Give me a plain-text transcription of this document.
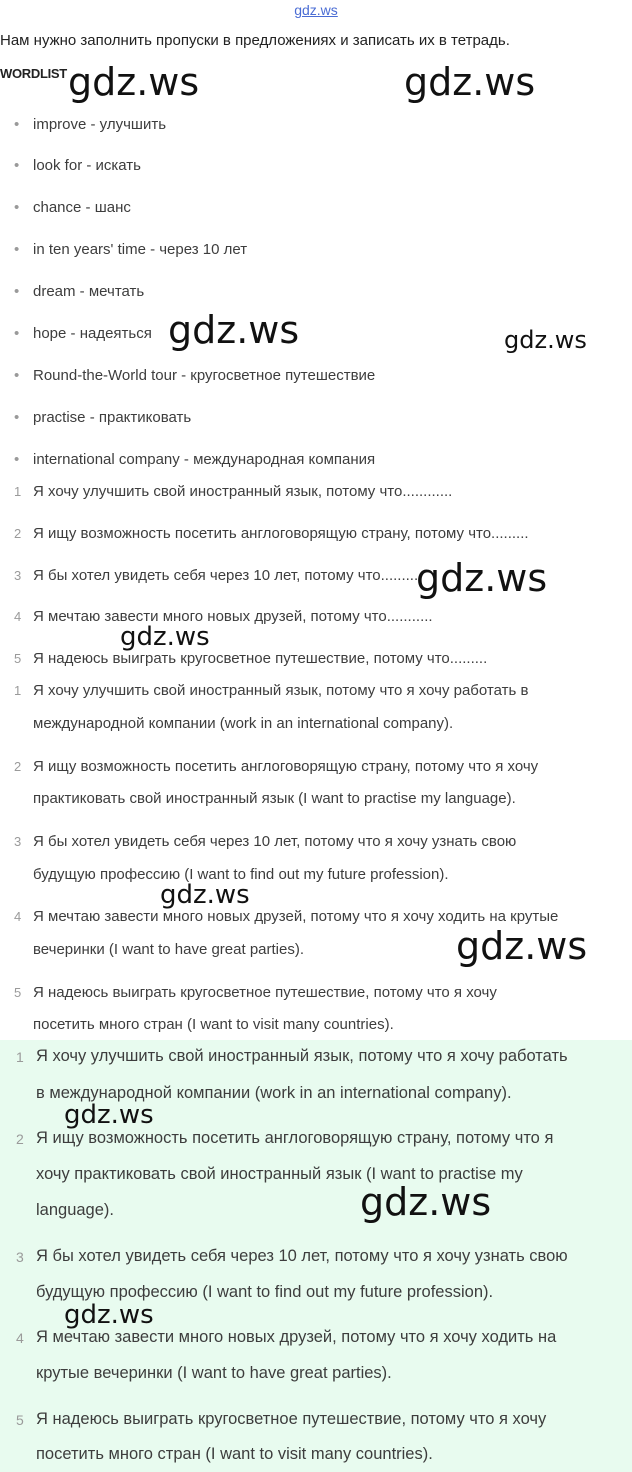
gdz.ws
Нам нужно заполнить пропуски в предложениях и записать их в тетрадь.
WORDLIST
• improve - улучшить
• look for - искать
• chance - шанс
• in ten years' time - через 10 лет
• dream - мечтать
• hope - надеяться
• Round-the-World tour - кругосветное путешествие
• practise - практиковать
• international company - международная компания
1 Я хочу улучшить свой иностранный язык, потому что............
2 Я ищу возможность посетить англоговорящую страну, потому что.........
3 Я бы хотел увидеть себя через 10 лет, потому что..........
4 Я мечтаю завести много новых друзей, потому что...........
5 Я надеюсь выиграть кругосветное путешествие, потому что.........
1 Я хочу улучшить свой иностранный язык, потому что я хочу работать в
международной компании (work in an international company).
2 Я ищу возможность посетить англоговорящую страну, потому что я хочу
практиковать свой иностранный язык (I want to practise my language).
3 Я бы хотел увидеть себя через 10 лет, потому что я хочу узнать свою
будущую профессию (I want to find out my future profession).
4 Я мечтаю завести много новых друзей, потому что я хочу ходить на крутые
вечеринки (I want to have great parties).
5 Я надеюсь выиграть кругосветное путешествие, потому что я хочу
посетить много стран (I want to visit many countries).
1 Я хочу улучшить свой иностранный язык, потому что я хочу работать
в международной компании (work in an international company).
2 Я ищу возможность посетить англоговорящую страну, потому что я
хочу практиковать свой иностранный язык (I want to practise my
language).
3 Я бы хотел увидеть себя через 10 лет, потому что я хочу узнать свою
будущую профессию (I want to find out my future profession).
4 Я мечтаю завести много новых друзей, потому что я хочу ходить на
крутые вечеринки (I want to have great parties).
5 Я надеюсь выиграть кругосветное путешествие, потому что я хочу
посетить много стран (I want to visit many countries).
gdz.ws	gdz.ws
gdz.ws	gdz.ws
gdz.ws
gdz.ws
gdz.ws
gdz.ws
gdz.ws
gdz.ws
gdz.ws
